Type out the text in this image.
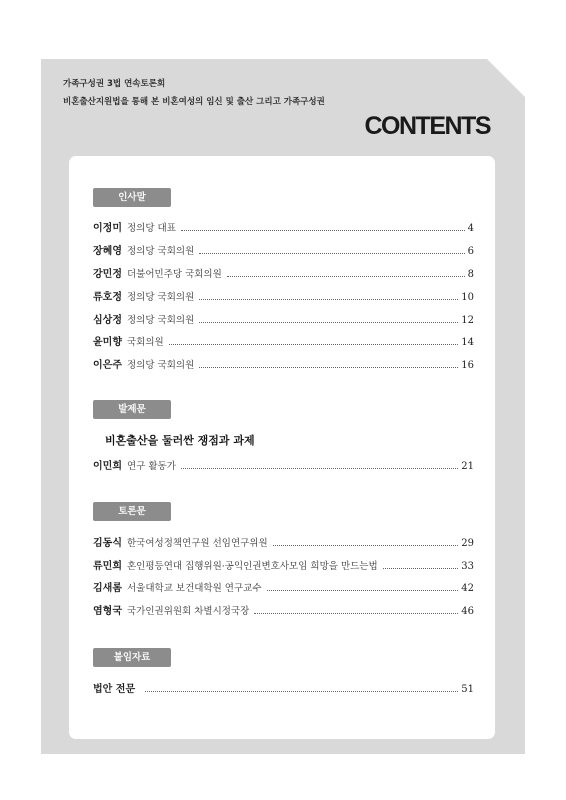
가족구성권 3법 연속토론회
비혼출산지원법을 통해 본 비혼여성의 임신 및 출산 그리고 가족구성권
CONTENTS
인사말
이정미 정의당 대표	4
장혜영 정의당 국회의원	6
강민정 더불어민주당 국회의원	8
류호정 정의당 국회의원	10
심상정 정의당 국회의원	12
윤미향 국회의원	14
이은주 정의당 국회의원	16
발제문
비혼출산을 둘러싼 쟁점과 과제
이민희 연구 활동가	21
토론문
김동식 한국여성정책연구원 선임연구위원	29
류민희 혼인평등연대 집행위원·공익인권변호사모임 희망을 만드는법	33
김새롬 서울대학교 보건대학원 연구교수	42
염형국 국가인권위원회 차별시정국장	46
붙임자료
법안 전문	51
